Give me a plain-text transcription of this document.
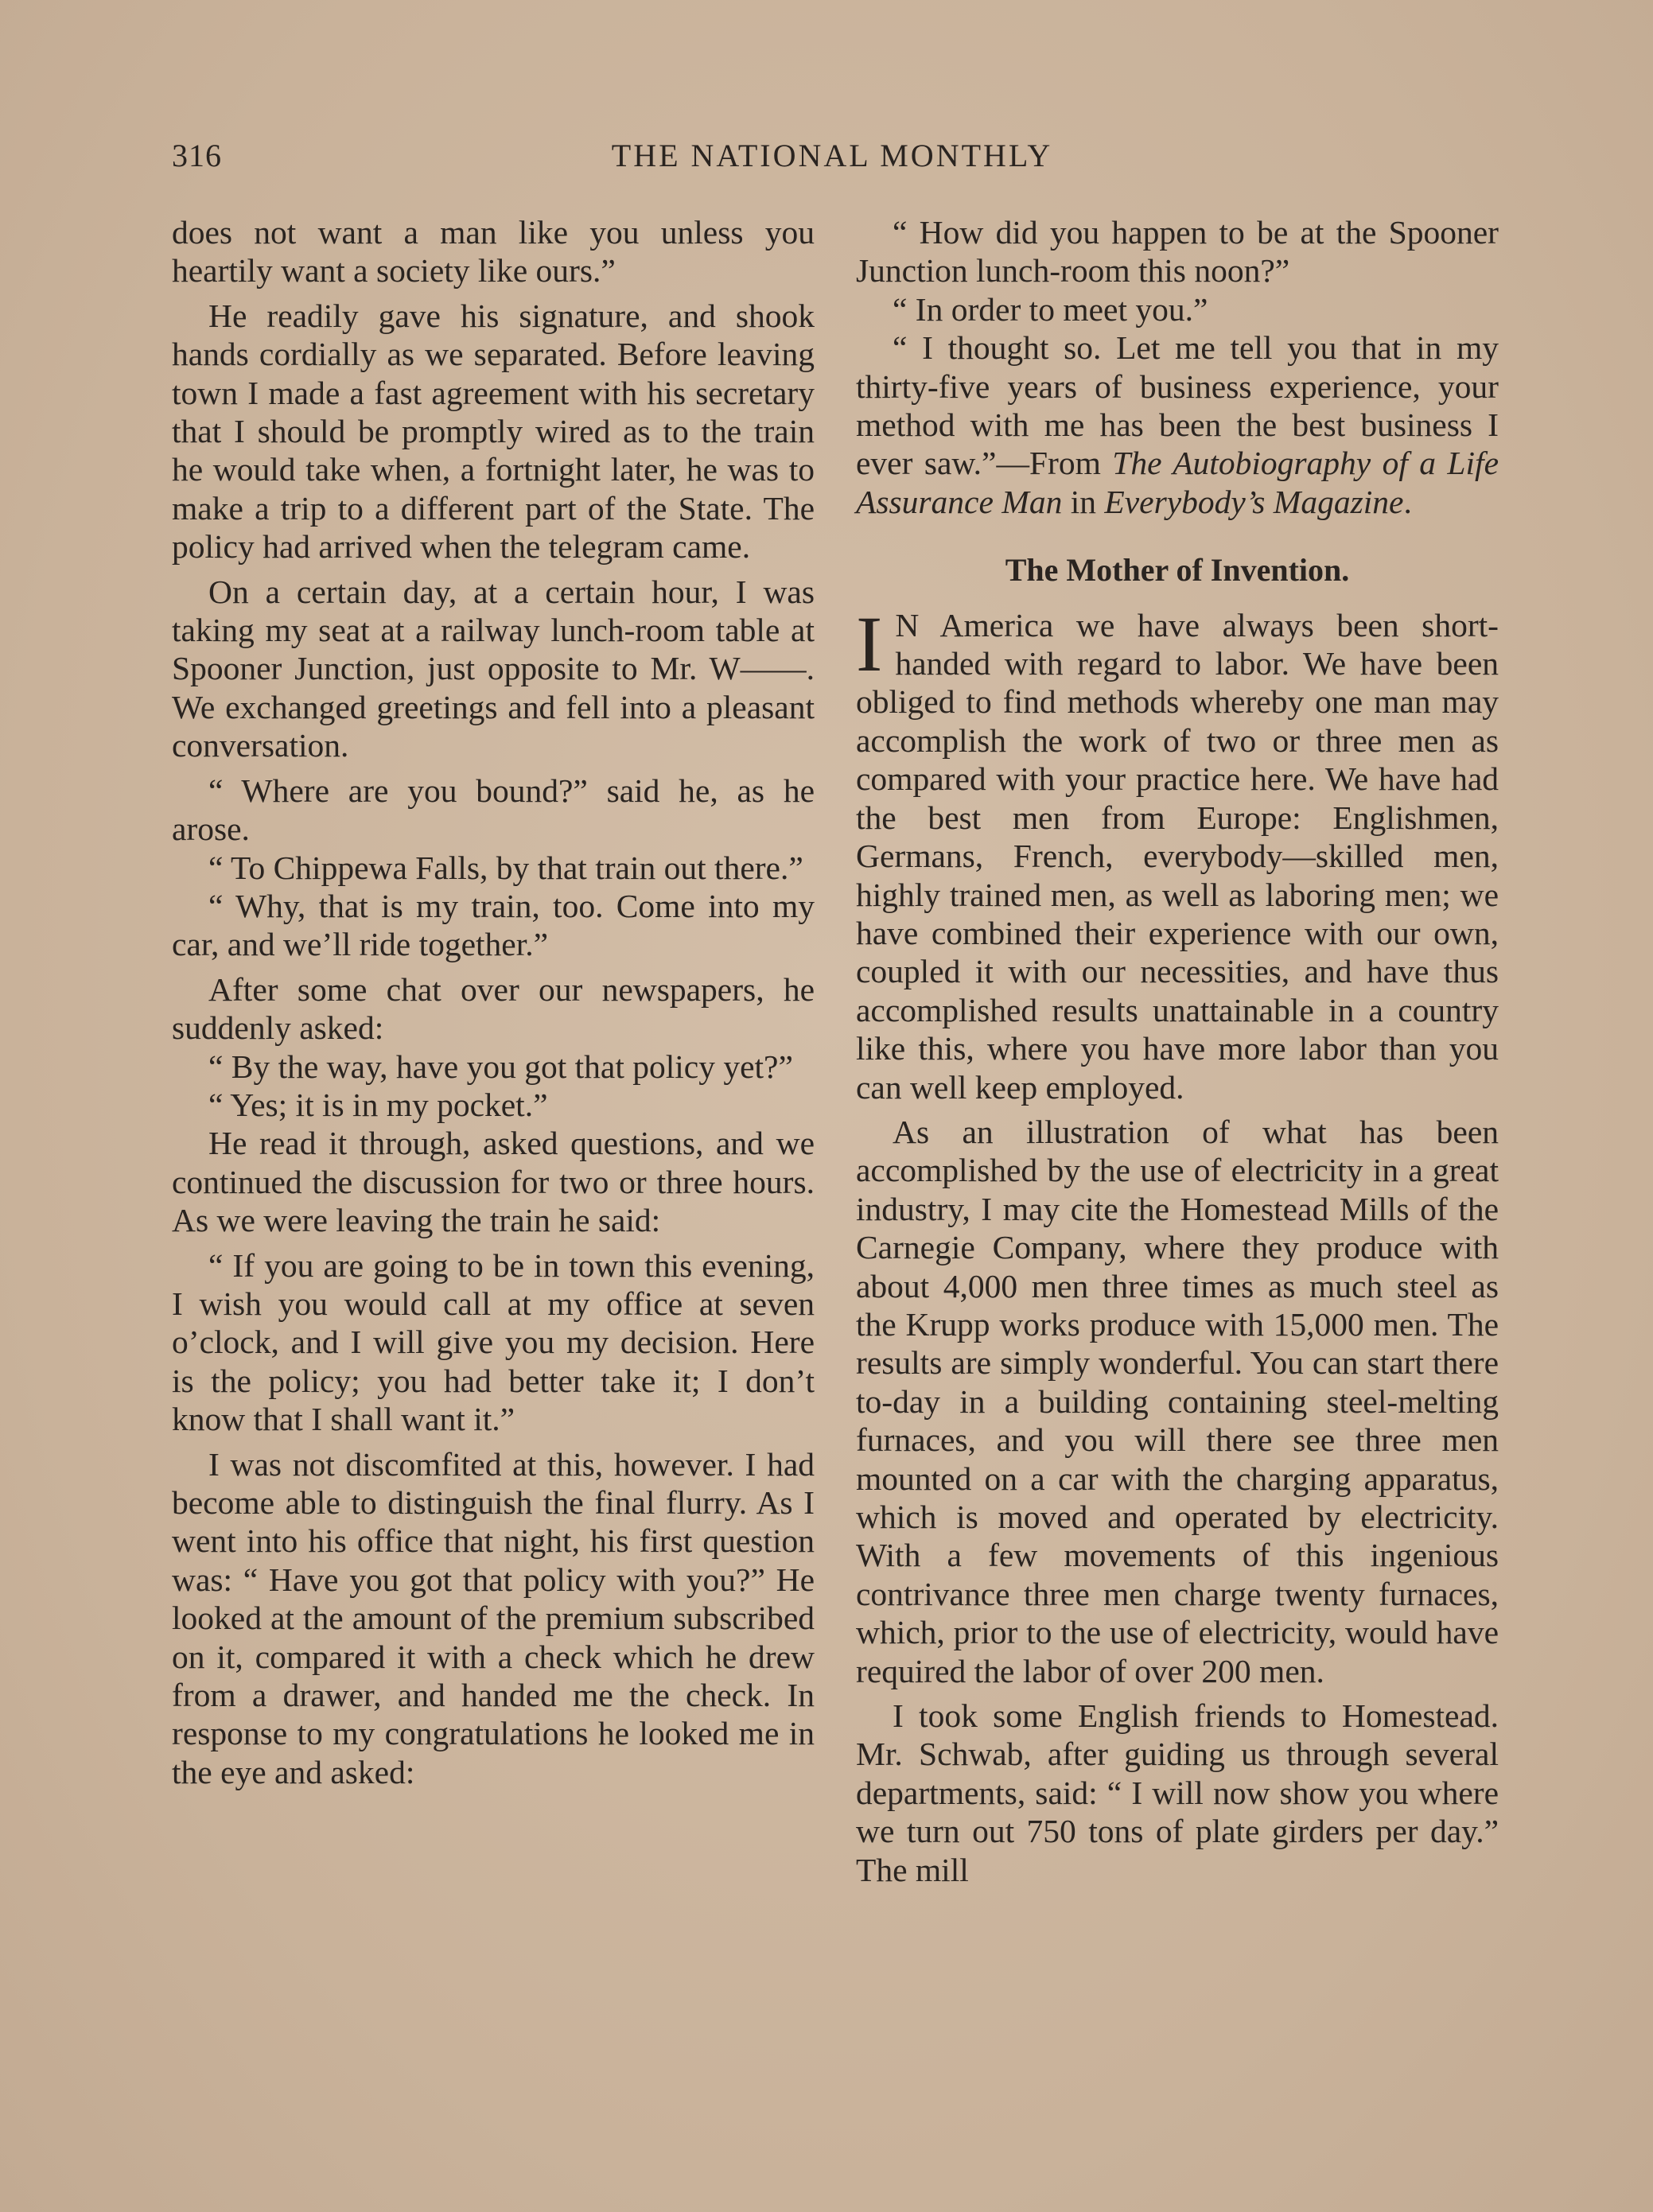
316	THE NATIONAL MONTHLY

does not want a man like you unless you heartily want a society like ours.”

He readily gave his signature, and shook hands cordially as we separated. Before leaving town I made a fast agreement with his secretary that I should be promptly wired as to the train he would take when, a fortnight later, he was to make a trip to a different part of the State. The policy had arrived when the telegram came.

On a certain day, at a certain hour, I was taking my seat at a railway lunch-room table at Spooner Junction, just opposite to Mr. W——. We exchanged greetings and fell into a pleasant conversation.

“ Where are you bound?” said he, as he arose.

“ To Chippewa Falls, by that train out there.”

“ Why, that is my train, too. Come into my car, and we’ll ride together.”

After some chat over our newspapers, he suddenly asked:

“ By the way, have you got that policy yet?”

“ Yes; it is in my pocket.”

He read it through, asked questions, and we continued the discussion for two or three hours. As we were leaving the train he said:

“ If you are going to be in town this evening, I wish you would call at my office at seven o’clock, and I will give you my decision. Here is the policy; you had better take it; I don’t know that I shall want it.”

I was not discomfited at this, however. I had become able to distinguish the final flurry. As I went into his office that night, his first question was: “ Have you got that policy with you?” He looked at the amount of the premium subscribed on it, compared it with a check which he drew from a drawer, and handed me the check. In response to my congratulations he looked me in the eye and asked:

“ How did you happen to be at the Spooner Junction lunch-room this noon?”

“ In order to meet you.”

“ I thought so. Let me tell you that in my thirty-five years of business experience, your method with me has been the best business I ever saw.”—From The Autobiography of a Life Assurance Man in Everybody’s Magazine.

The Mother of Invention.

I N America we have always been short-handed with regard to labor. We have been obliged to find methods whereby one man may accomplish the work of two or three men as compared with your practice here. We have had the best men from Europe: Englishmen, Germans, French, everybody—skilled men, highly trained men, as well as laboring men; we have combined their experience with our own, coupled it with our necessities, and have thus accomplished results unattainable in a country like this, where you have more labor than you can well keep employed.

As an illustration of what has been accomplished by the use of electricity in a great industry, I may cite the Homestead Mills of the Carnegie Company, where they produce with about 4,000 men three times as much steel as the Krupp works produce with 15,000 men. The results are simply wonderful. You can start there to-day in a building containing steel-melting furnaces, and you will there see three men mounted on a car with the charging apparatus, which is moved and operated by electricity. With a few movements of this ingenious contrivance three men charge twenty furnaces, which, prior to the use of electricity, would have required the labor of over 200 men.

I took some English friends to Homestead. Mr. Schwab, after guiding us through several departments, said: “ I will now show you where we turn out 750 tons of plate girders per day.” The mill
